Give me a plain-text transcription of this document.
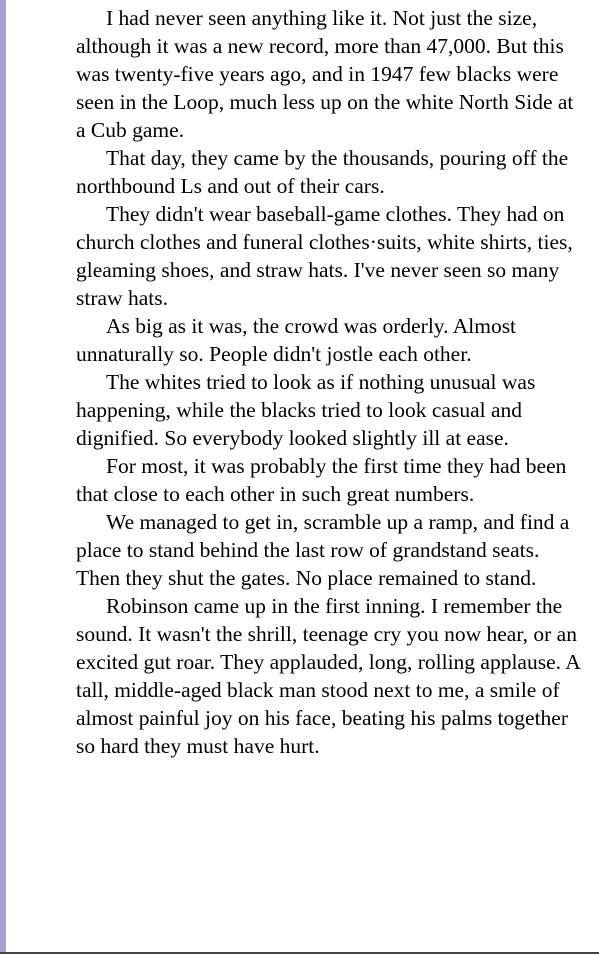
I had never seen anything like it. Not just the size, although it was a new record, more than 47,000. But this was twenty-five years ago, and in 1947 few blacks were seen in the Loop, much less up on the white North Side at a Cub game.

That day, they came by the thousands, pouring off the northbound Ls and out of their cars.

They didn't wear baseball-game clothes. They had on church clothes and funeral clothes·suits, white shirts, ties, gleaming shoes, and straw hats. I've never seen so many straw hats.

As big as it was, the crowd was orderly. Almost unnaturally so. People didn't jostle each other.

The whites tried to look as if nothing unusual was happening, while the blacks tried to look casual and dignified. So everybody looked slightly ill at ease.

For most, it was probably the first time they had been that close to each other in such great numbers.

We managed to get in, scramble up a ramp, and find a place to stand behind the last row of grandstand seats. Then they shut the gates. No place remained to stand.

Robinson came up in the first inning. I remember the sound. It wasn't the shrill, teenage cry you now hear, or an excited gut roar. They applauded, long, rolling applause. A tall, middle-aged black man stood next to me, a smile of almost painful joy on his face, beating his palms together so hard they must have hurt.
